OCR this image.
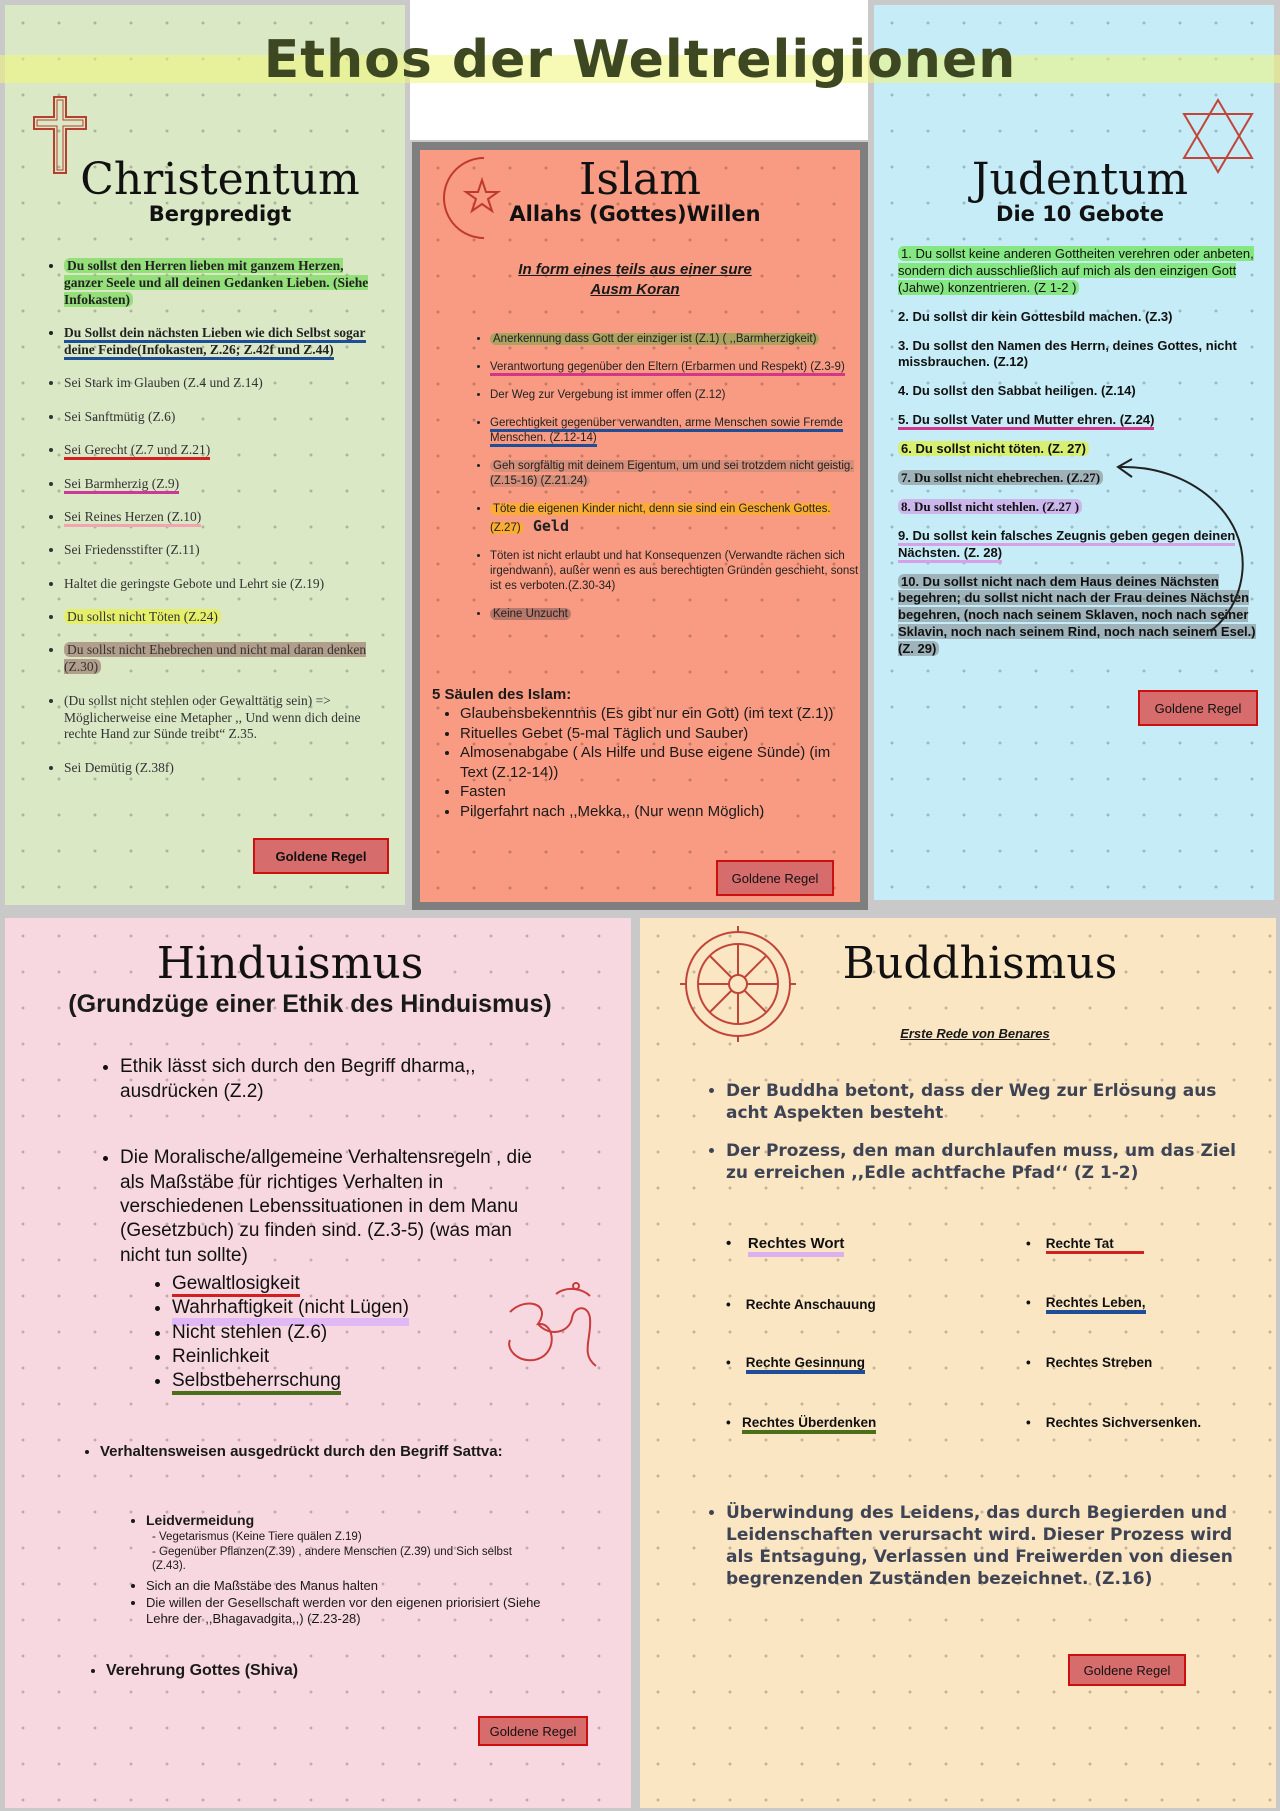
Ethos der Weltreligionen
Christentum
Bergpredigt
• Du sollst den Herren lieben mit ganzem Herzen, ganzer Seele und all deinen Gedanken Lieben. (Siehe Infokasten)
• Du Sollst dein nächsten Lieben wie dich Selbst sogar deine Feinde(Infokasten, Z.26; Z.42f und Z.44)
• Sei Stark im Glauben (Z.4 und Z.14)
• Sei Sanftmütig (Z.6)
• Sei Gerecht (Z.7 und Z.21)
• Sei Barmherzig (Z.9)
• Sei Reines Herzen (Z.10)
• Sei Friedensstifter (Z.11)
• Haltet die geringste Gebote und Lehrt sie (Z.19)
• Du sollst nicht Töten (Z.24)
• Du sollst nicht Ehebrechen und nicht mal daran denken (Z.30)
• (Du sollst nicht stehlen oder Gewalttätig sein) => Möglicherweise eine Metapher ,, Und wenn dich deine rechte Hand zur Sünde treibt“ Z.35.
• Sei Demütig (Z.38f)
Goldene Regel
Islam
Allahs (Gottes)Willen
In form eines teils aus einer sure
Ausm Koran
• Anerkennung dass Gott der einziger ist (Z.1) ( ,,Barmherzigkeit)
• Verantwortung gegenüber den Eltern (Erbarmen und Respekt) (Z.3-9)
• Der Weg zur Vergebung ist immer offen (Z.12)
• Gerechtigkeit gegenüber verwandten, arme Menschen sowie Fremde Menschen. (Z.12-14)
• Geh sorgfältig mit deinem Eigentum, um und sei trotzdem nicht geistig. (Z.15-16) (Z.21.24)
• Töte die eigenen Kinder nicht, denn sie sind ein Geschenk Gottes.(Z.27) Geld
• Töten ist nicht erlaubt und hat Konsequenzen (Verwandte rächen sich irgendwann), außer wenn es aus berechtigten Gründen geschieht, sonst ist es verboten.(Z.30-34)
• Keine Unzucht
5 Säulen des Islam:
• Glaubensbekenntnis (Es gibt nur ein Gott) (im text (Z.1))
• Rituelles Gebet (5-mal Täglich und Sauber)
• Almosenabgabe ( Als Hilfe und Buse eigene Sünde) (im Text (Z.12-14))
• Fasten
• Pilgerfahrt nach ,,Mekka,, (Nur wenn Möglich)
Goldene Regel
Judentum
Die 10 Gebote
1. Du sollst keine anderen Gottheiten verehren oder anbeten, sondern dich ausschließlich auf mich als den einzigen Gott (Jahwe) konzentrieren. (Z 1-2 )
2. Du sollst dir kein Gottesbild machen. (Z.3)
3. Du sollst den Namen des Herrn, deines Gottes, nicht missbrauchen. (Z.12)
4. Du sollst den Sabbat heiligen. (Z.14)
5. Du sollst Vater und Mutter ehren. (Z.24)
6. Du sollst nicht töten. (Z. 27)
7. Du sollst nicht ehebrechen. (Z.27)
8. Du sollst nicht stehlen. (Z.27 )
9. Du sollst kein falsches Zeugnis geben gegen deinen Nächsten. (Z. 28)
10. Du sollst nicht nach dem Haus deines Nächsten begehren; du sollst nicht nach der Frau deines Nächsten begehren, (noch nach seinem Sklaven, noch nach seiner Sklavin, noch nach seinem Rind, noch nach seinem Esel.) (Z. 29)
Goldene Regel
Hinduismus
(Grundzüge einer Ethik des Hinduismus)
• Ethik lässt sich durch den Begriff dharma,, ausdrücken (Z.2)
• Die Moralische/allgemeine Verhaltensregeln , die als Maßstäbe für richtiges Verhalten in verschiedenen Lebenssituationen in dem Manu (Gesetzbuch) zu finden sind. (Z.3-5) (was man nicht tun sollte)
• Gewaltlosigkeit
• Wahrhaftigkeit (nicht Lügen)
• Nicht stehlen (Z.6)
• Reinlichkeit
• Selbstbeherrschung
• Verhaltensweisen ausgedrückt durch den Begriff Sattva:
• Leidvermeidung
- Vegetarismus (Keine Tiere quälen Z.19)
- Gegenüber Pflanzen(Z.39) , andere Menschen (Z.39) und Sich selbst (Z.43).
• Sich an die Maßstäbe des Manus halten
• Die willen der Gesellschaft werden vor den eigenen priorisiert (Siehe Lehre der ,,Bhagavadgita,,) (Z.23-28)
• Verehrung Gottes (Shiva)
Goldene Regel
Buddhismus
Erste Rede von Benares
• Der Buddha betont, dass der Weg zur Erlösung aus acht Aspekten besteht
• Der Prozess, den man durchlaufen muss, um das Ziel zu erreichen ,,Edle achtfache Pfad‘‘ (Z 1-2)
•    Rechtes Wort
•    Rechte Anschauung
•    Rechte Gesinnung
•   Rechtes Überdenken
•    Rechte Tat
•    Rechtes Leben,
•    Rechtes Streben
•    Rechtes Sichversenken.
• Überwindung des Leidens, das durch Begierden und Leidenschaften verursacht wird. Dieser Prozess wird als Entsagung, Verlassen und Freiwerden von diesen begrenzenden Zuständen bezeichnet. (Z.16)
Goldene Regel
